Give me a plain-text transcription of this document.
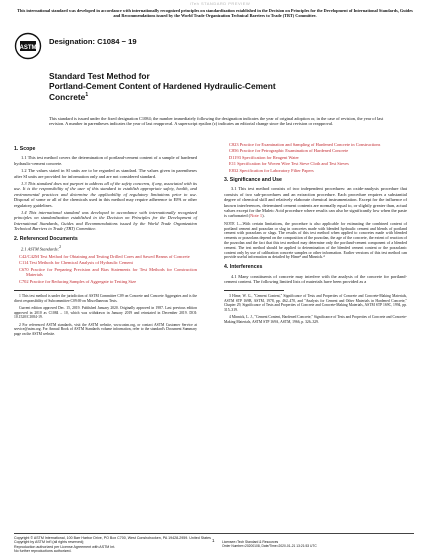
iTeh STANDARD PREVIEW
This international standard was developed in accordance with internationally recognized principles on standardization established in the Decision on Principles for the Development of International Standards, Guides and Recommendations issued by the World Trade Organization Technical Barriers to Trade (TBT) Committee.
ASTM
Designation: C1084 − 19
Standard Test Method for
Portland-Cement Content of Hardened Hydraulic-Cement
Concrete$^1$
This standard is issued under the fixed designation C1084; the number immediately following the designation indicates the year of original adoption or, in the case of revision, the year of last revision. A number in parentheses indicates the year of last reapproval. A superscript epsilon (ε) indicates an editorial change since the last revision or reapproval.
1. Scope

1.1 This test method covers the determination of portland-cement content of a sample of hardened hydraulic-cement concrete.

1.2 The values stated in SI units are to be regarded as standard. The values given in parentheses after SI units are provided for information only and are not considered standard.

1.3 This standard does not purport to address all of the safety concerns, if any, associated with its use. It is the responsibility of the user of this standard to establish appropriate safety, health, and environmental practices and determine the applicability of regulatory limitations prior to use. Disposal of some or all of the chemicals used in this method may require adherence to EPA or other regulatory guidelines.

1.4 This international standard was developed in accordance with internationally recognized principles on standardization established in the Decision on Principles for the Development of International Standards, Guides and Recommendations issued by the World Trade Organization Technical Barriers to Trade (TBT) Committee.

2. Referenced Documents

2.1 ASTM Standards:$^2$

C42/C42M Test Method for Obtaining and Testing Drilled Cores and Sawed Beams of Concrete
C114 Test Methods for Chemical Analysis of Hydraulic Cement
C670 Practice for Preparing Precision and Bias Statements for Test Methods for Construction Materials
C702 Practice for Reducing Samples of Aggregate to Testing Size

1 This test method is under the jurisdiction of ASTM Committee C09 on Concrete and Concrete Aggregates and is the direct responsibility of Subcommittee C09.69 on Miscellaneous Tests.

Current edition approved Dec. 15, 2019. Published January 2020. Originally approved in 1987. Last previous edition approved in 2010 as C1084 – 10, which was withdrawn in January 2019 and reinstated in December 2019. DOI: 10.1520/C1084-19.

2 For referenced ASTM standards, visit the ASTM website, www.astm.org, or contact ASTM Customer Service at service@astm.org. For Annual Book of ASTM Standards volume information, refer to the standard's Document Summary page on the ASTM website.

C823 Practice for Examination and Sampling of Hardened Concrete in Constructions
C856 Practice for Petrographic Examination of Hardened Concrete
D1193 Specification for Reagent Water
E11 Specification for Woven Wire Test Sieve Cloth and Test Sieves
E832 Specification for Laboratory Filter Papers
3. Significance and Use

3.1 This test method consists of two independent procedures: an oxide-analysis procedure that consists of two sub-procedures and an extraction procedure. Each procedure requires a substantial degree of chemical skill and relatively elaborate chemical instrumentation. Except for the influence of known interferences, determined cement contents are normally equal to, or slightly greater than, actual values except for the Maleic Acid procedure where results can also be significantly low when the paste is carbonated (Note 1).

NOTE 1—With certain limitations, the procedure is also applicable for estimating the combined content of portland cement and pozzolan or slag in concretes made with blended hydraulic cement and blends of portland cement with pozzolans or slags. The results of this test method when applied to concretes made with blended cements or pozzolans depend on the composition of the pozzolan, the age of the concrete, the extent of reaction of the pozzolan and the fact that this test method may determine only the portland-cement component of a blended cement. The test method should be applied to determination of the blended cement content or the pozzolanic content only by use of calibration concrete samples or other information. Earlier versions of this test method can provide useful information as detailed by Hime³ and Minnick.⁴

4. Interferences

4.1 Many constituents of concrete may interfere with the analysis of the concrete for portland-cement content. The following limited lists of materials have been provided as a

3 Hime, W. G., "Cement Content," Significance of Tests and Properties of Concrete and Concrete-Making Materials, ASTM STP 169B, ASTM, 1978, pp. 462–470, and "Analysis for Cement and Other Materials in Hardened Concrete," Chapter 29, Significance of Tests and Properties of Concrete and Concrete-Making Materials, ASTM STP 169C, 1994, pp. 315–319.

4 Minnick, L. J., "Cement Content, Hardened Concrete," Significance of Tests and Properties of Concrete and Concrete-Making Materials, ASTM STP 169A, ASTM, 1966, p. 326–329.

Copyright © ASTM International, 100 Barr Harbor Drive, PO Box C700, West Conshohocken, PA 19428-2959. United States
Copyright by ASTM Int'l (all rights reserved);
Reproduction authorized per License Agreement with ASTM Int.
No further reproductions authorized.
1 Licensee=Tech Standard & Resources
Order Number=20200108, Date/Time=2020-01-21 13:21:53 UTC
